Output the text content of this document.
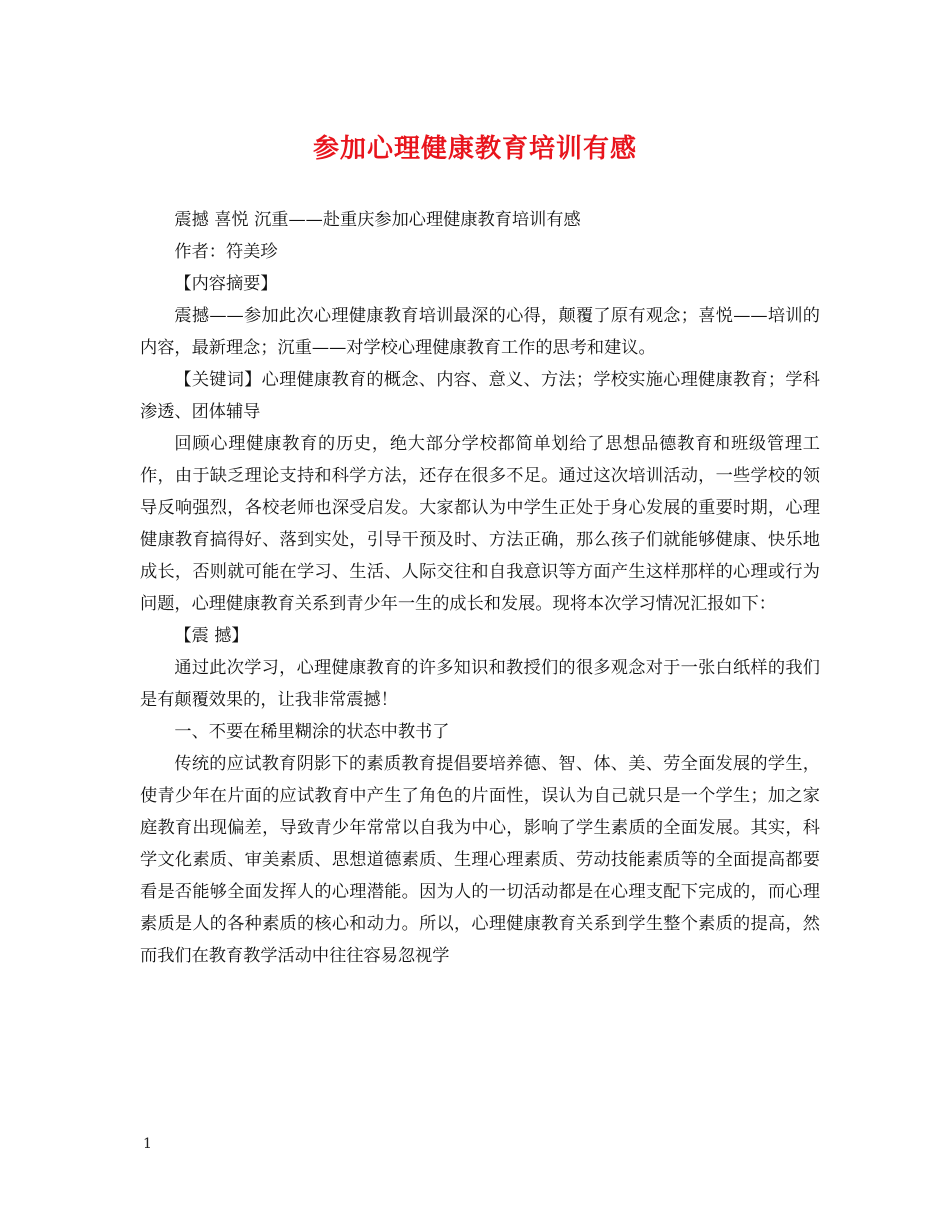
参加心理健康教育培训有感

震撼 喜悦 沉重——赴重庆参加心理健康教育培训有感

作者：符美珍

【内容摘要】

震撼——参加此次心理健康教育培训最深的心得，颠覆了原有观念；喜悦——培训的内容，最新理念；沉重——对学校心理健康教育工作的思考和建议。

【关键词】心理健康教育的概念、内容、意义、方法；学校实施心理健康教育；学科渗透、团体辅导

回顾心理健康教育的历史，绝大部分学校都简单划给了思想品德教育和班级管理工作，由于缺乏理论支持和科学方法，还存在很多不足。通过这次培训活动，一些学校的领导反响强烈，各校老师也深受启发。大家都认为中学生正处于身心发展的重要时期，心理健康教育搞得好、落到实处，引导干预及时、方法正确，那么孩子们就能够健康、快乐地成长，否则就可能在学习、生活、人际交往和自我意识等方面产生这样那样的心理或行为问题，心理健康教育关系到青少年一生的成长和发展。现将本次学习情况汇报如下：

【震 撼】

通过此次学习，心理健康教育的许多知识和教授们的很多观念对于一张白纸样的我们是有颠覆效果的，让我非常震撼！

一、不要在稀里糊涂的状态中教书了

传统的应试教育阴影下的素质教育提倡要培养德、智、体、美、劳全面发展的学生，使青少年在片面的应试教育中产生了角色的片面性，误认为自己就只是一个学生；加之家庭教育出现偏差，导致青少年常常以自我为中心，影响了学生素质的全面发展。其实，科学文化素质、审美素质、思想道德素质、生理心理素质、劳动技能素质等的全面提高都要看是否能够全面发挥人的心理潜能。因为人的一切活动都是在心理支配下完成的，而心理素质是人的各种素质的核心和动力。所以，心理健康教育关系到学生整个素质的提高，然而我们在教育教学活动中往往容易忽视学

1
